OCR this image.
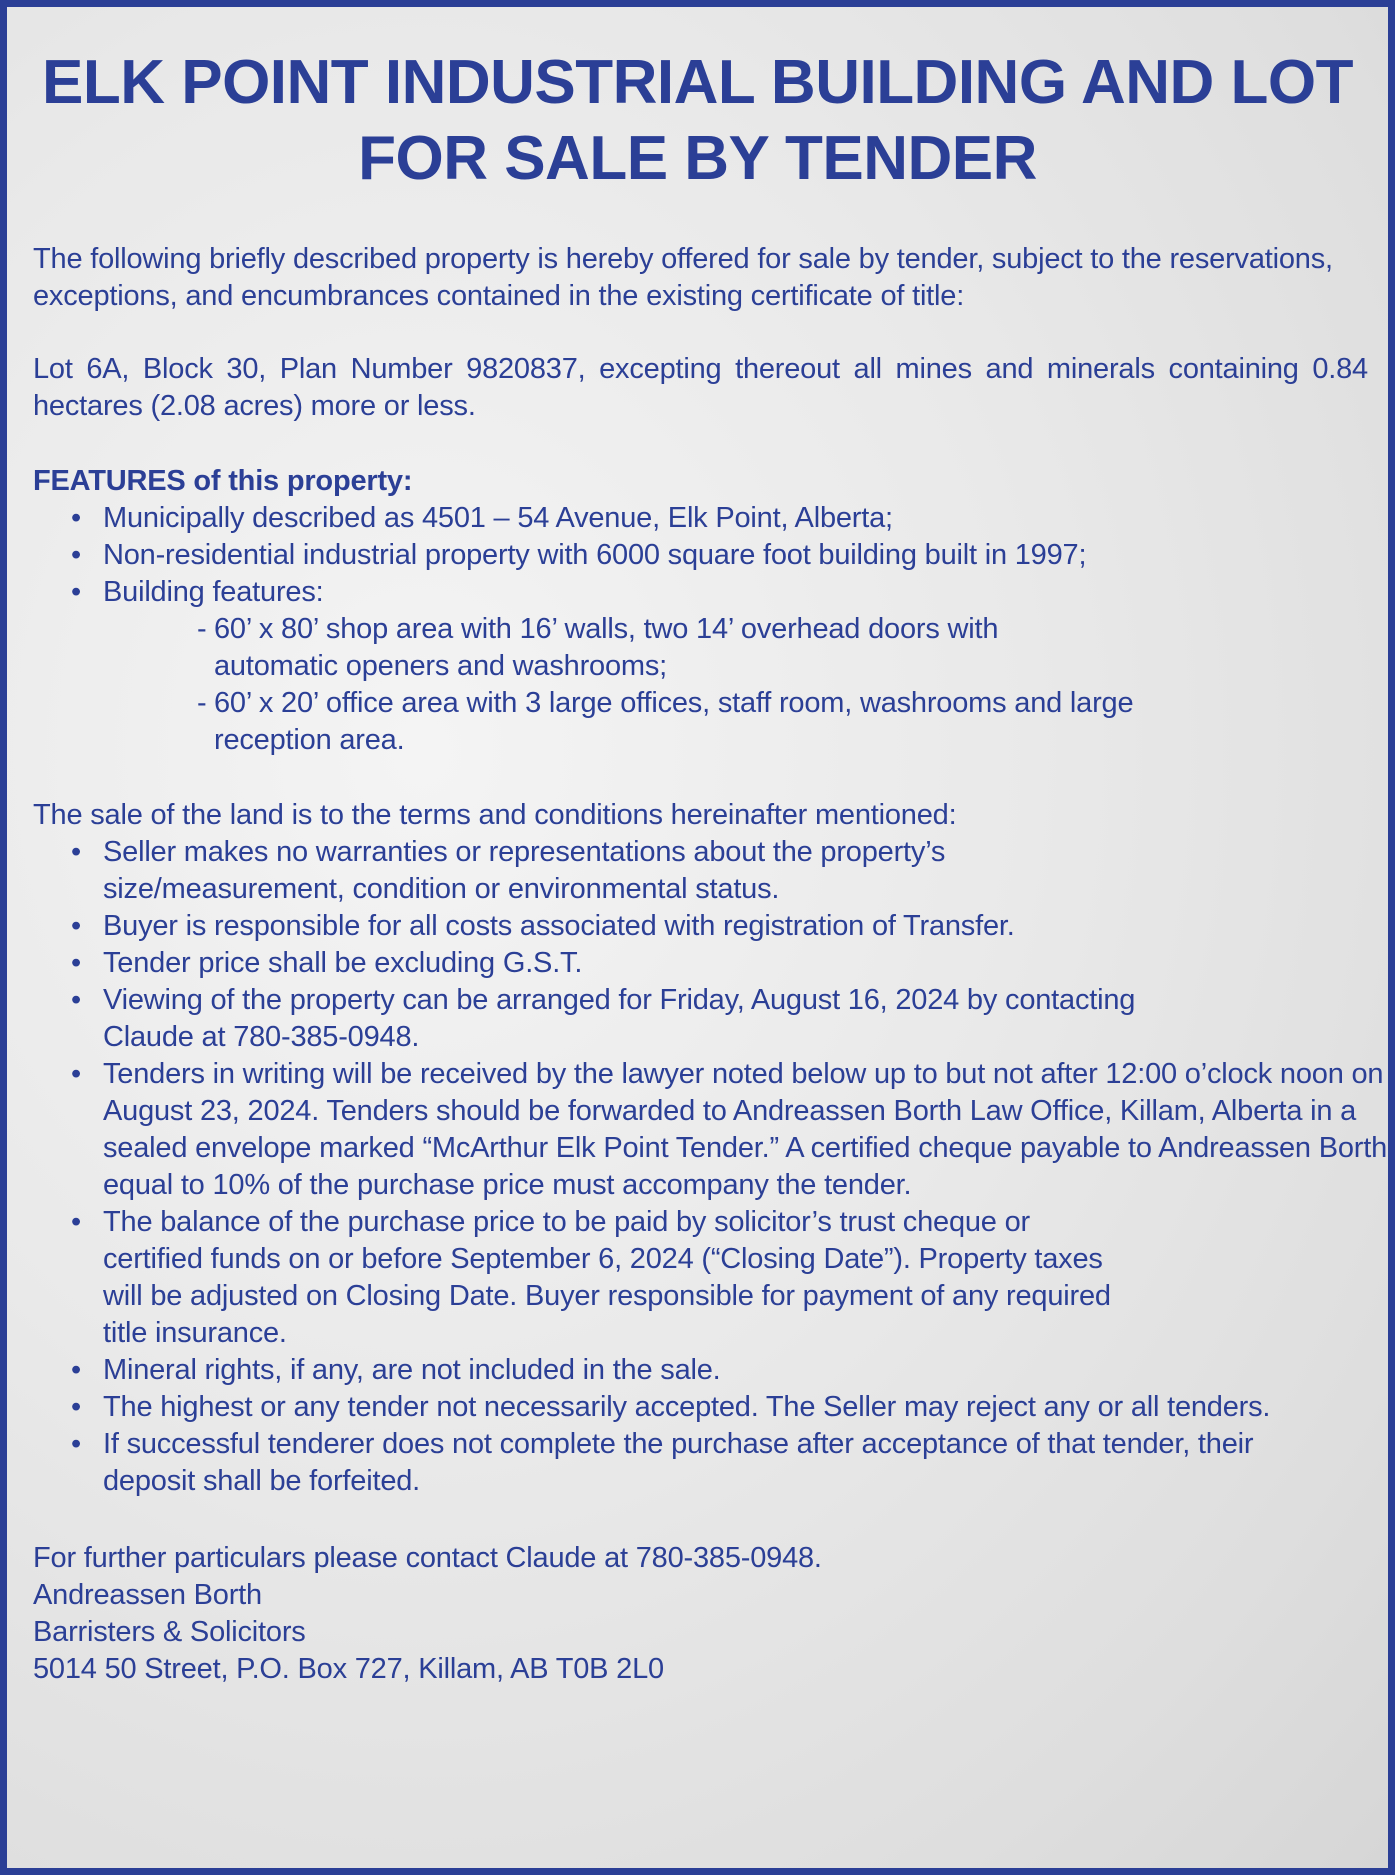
ELK POINT INDUSTRIAL BUILDING AND LOT FOR SALE BY TENDER

The following briefly described property is hereby offered for sale by tender, subject to the reservations, exceptions, and encumbrances contained in the existing certificate of title:

Lot 6A, Block 30, Plan Number 9820837, excepting thereout all mines and minerals containing 0.84 hectares (2.08 acres) more or less.

FEATURES of this property:

• Municipally described as 4501 – 54 Avenue, Elk Point, Alberta;
• Non-residential industrial property with 6000 square foot building built in 1997;
• Building features:
- 60’ x 80’ shop area with 16’ walls, two 14’ overhead doors with automatic openers and washrooms;
- 60’ x 20’ office area with 3 large offices, staff room, washrooms and large reception area.

The sale of the land is to the terms and conditions hereinafter mentioned:

• Seller makes no warranties or representations about the property’s size/measurement, condition or environmental status.
• Buyer is responsible for all costs associated with registration of Transfer.
• Tender price shall be excluding G.S.T.
• Viewing of the property can be arranged for Friday, August 16, 2024 by contacting Claude at 780-385-0948.
• Tenders in writing will be received by the lawyer noted below up to but not after 12:00 o’clock noon on August 23, 2024. Tenders should be forwarded to Andreassen Borth Law Office, Killam, Alberta in a sealed envelope marked “McArthur Elk Point Tender.” A certified cheque payable to Andreassen Borth equal to 10% of the purchase price must accompany the tender.
• The balance of the purchase price to be paid by solicitor’s trust cheque or certified funds on or before September 6, 2024 (“Closing Date”). Property taxes will be adjusted on Closing Date. Buyer responsible for payment of any required title insurance.
• Mineral rights, if any, are not included in the sale.
• The highest or any tender not necessarily accepted. The Seller may reject any or all tenders.
• If successful tenderer does not complete the purchase after acceptance of that tender, their deposit shall be forfeited.

For further particulars please contact Claude at 780-385-0948.

Andreassen Borth

Barristers & Solicitors

5014 50 Street, P.O. Box 727, Killam, AB T0B 2L0
